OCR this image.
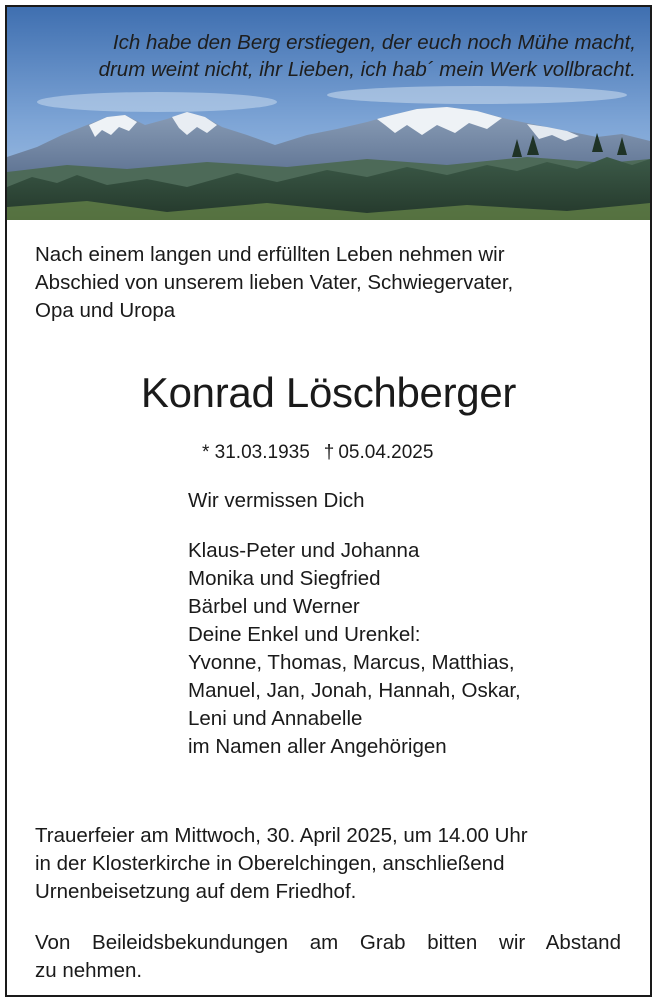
Ich habe den Berg erstiegen, der euch noch Mühe macht,
drum weint nicht, ihr Lieben, ich hab´ mein Werk vollbracht.
Nach einem langen und erfüllten Leben nehmen wir
Abschied von unserem lieben Vater, Schwiegervater,
Opa und Uropa
Konrad Löschberger
* 31.03.1935 † 05.04.2025
Wir vermissen Dich
Klaus-Peter und Johanna
Monika und Siegfried
Bärbel und Werner
Deine Enkel und Urenkel:
Yvonne, Thomas, Marcus, Matthias,
Manuel, Jan, Jonah, Hannah, Oskar,
Leni und Annabelle
im Namen aller Angehörigen
Trauerfeier am Mittwoch, 30. April 2025, um 14.00 Uhr
in der Klosterkirche in Oberelchingen, anschließend
Urnenbeisetzung auf dem Friedhof.
Von Beileidsbekundungen am Grab bitten wir Abstand
zu nehmen.
